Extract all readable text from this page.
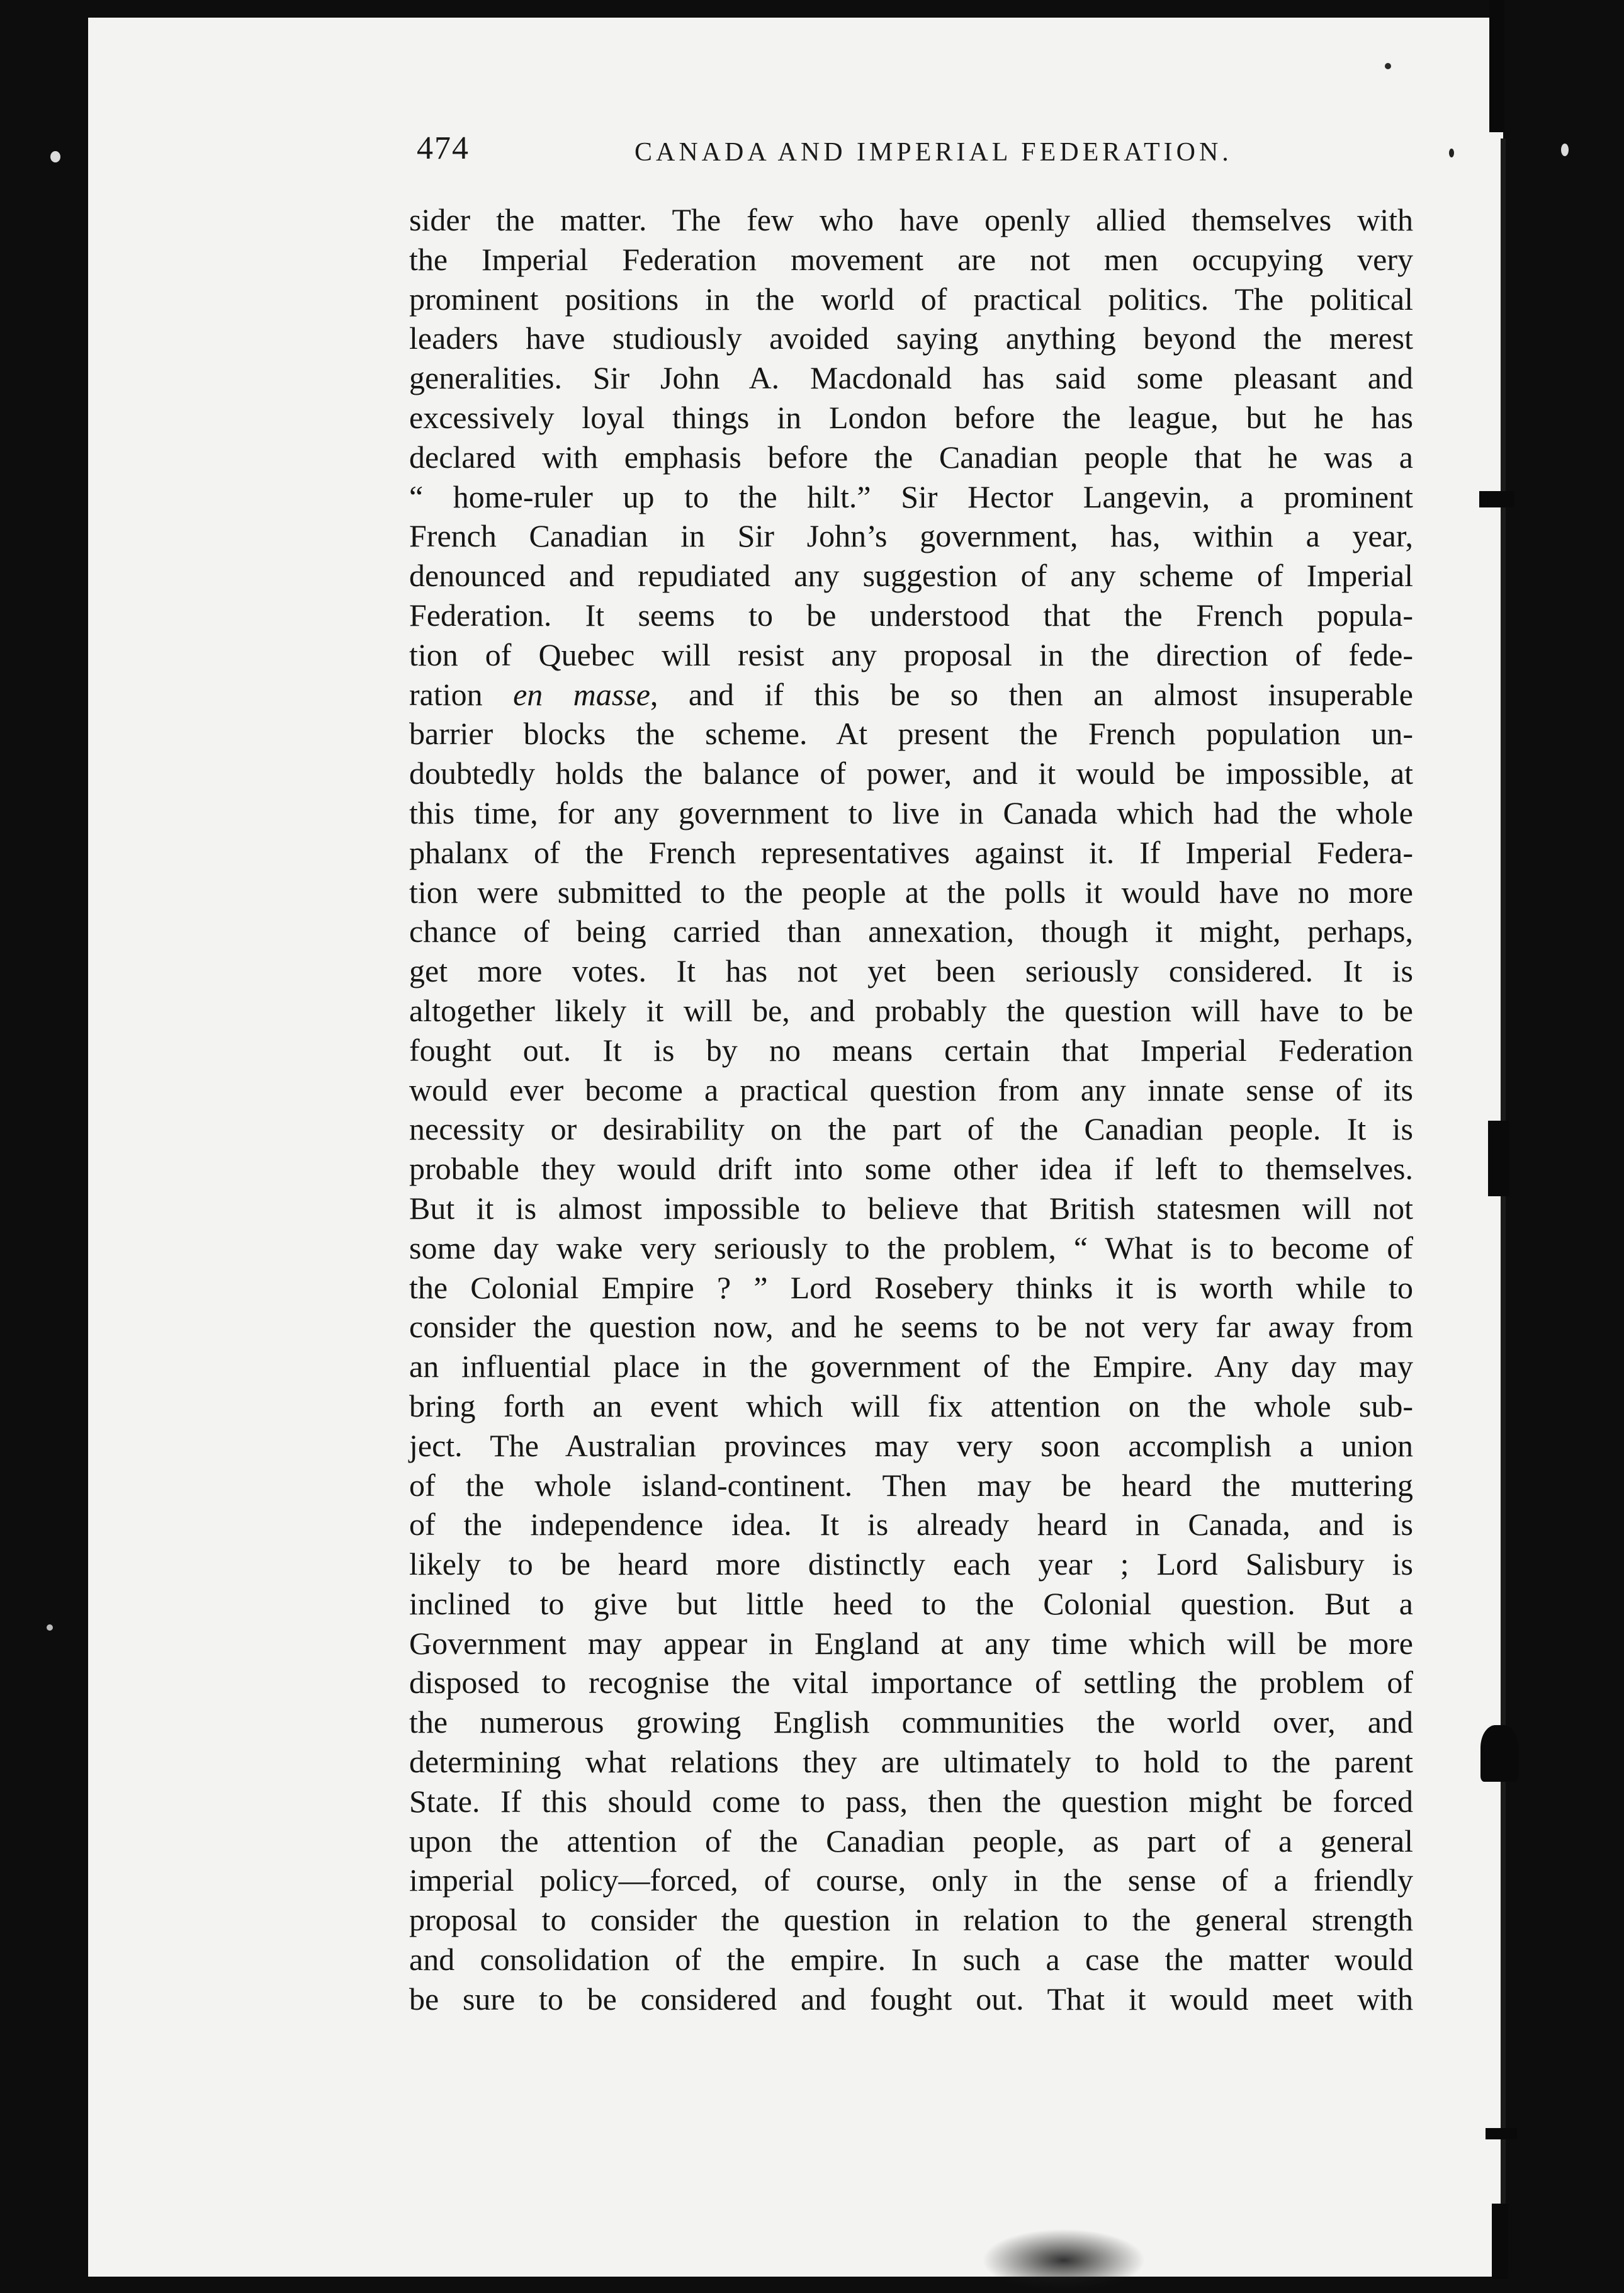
474	CANADA AND IMPERIAL FEDERATION.
sider the matter. The few who have openly allied themselves with
the Imperial Federation movement are not men occupying very
prominent positions in the world of practical politics. The political
leaders have studiously avoided saying anything beyond the merest
generalities. Sir John A. Macdonald has said some pleasant and
excessively loyal things in London before the league, but he has
declared with emphasis before the Canadian people that he was a
“ home-ruler up to the hilt.” Sir Hector Langevin, a prominent
French Canadian in Sir John’s government, has, within a year,
denounced and repudiated any suggestion of any scheme of Imperial
Federation. It seems to be understood that the French popula-
tion of Quebec will resist any proposal in the direction of fede-
ration en masse, and if this be so then an almost insuperable
barrier blocks the scheme. At present the French population un-
doubtedly holds the balance of power, and it would be impossible, at
this time, for any government to live in Canada which had the whole
phalanx of the French representatives against it. If Imperial Federa-
tion were submitted to the people at the polls it would have no more
chance of being carried than annexation, though it might, perhaps,
get more votes. It has not yet been seriously considered. It is
altogether likely it will be, and probably the question will have to be
fought out. It is by no means certain that Imperial Federation
would ever become a practical question from any innate sense of its
necessity or desirability on the part of the Canadian people. It is
probable they would drift into some other idea if left to themselves.
But it is almost impossible to believe that British statesmen will not
some day wake very seriously to the problem, “ What is to become of
the Colonial Empire ? ” Lord Rosebery thinks it is worth while to
consider the question now, and he seems to be not very far away from
an influential place in the government of the Empire. Any day may
bring forth an event which will fix attention on the whole sub-
ject. The Australian provinces may very soon accomplish a union
of the whole island-continent. Then may be heard the muttering
of the independence idea. It is already heard in Canada, and is
likely to be heard more distinctly each year ; Lord Salisbury is
inclined to give but little heed to the Colonial question. But a
Government may appear in England at any time which will be more
disposed to recognise the vital importance of settling the problem of
the numerous growing English communities the world over, and
determining what relations they are ultimately to hold to the parent
State. If this should come to pass, then the question might be forced
upon the attention of the Canadian people, as part of a general
imperial policy—forced, of course, only in the sense of a friendly
proposal to consider the question in relation to the general strength
and consolidation of the empire. In such a case the matter would
be sure to be considered and fought out. That it would meet with
